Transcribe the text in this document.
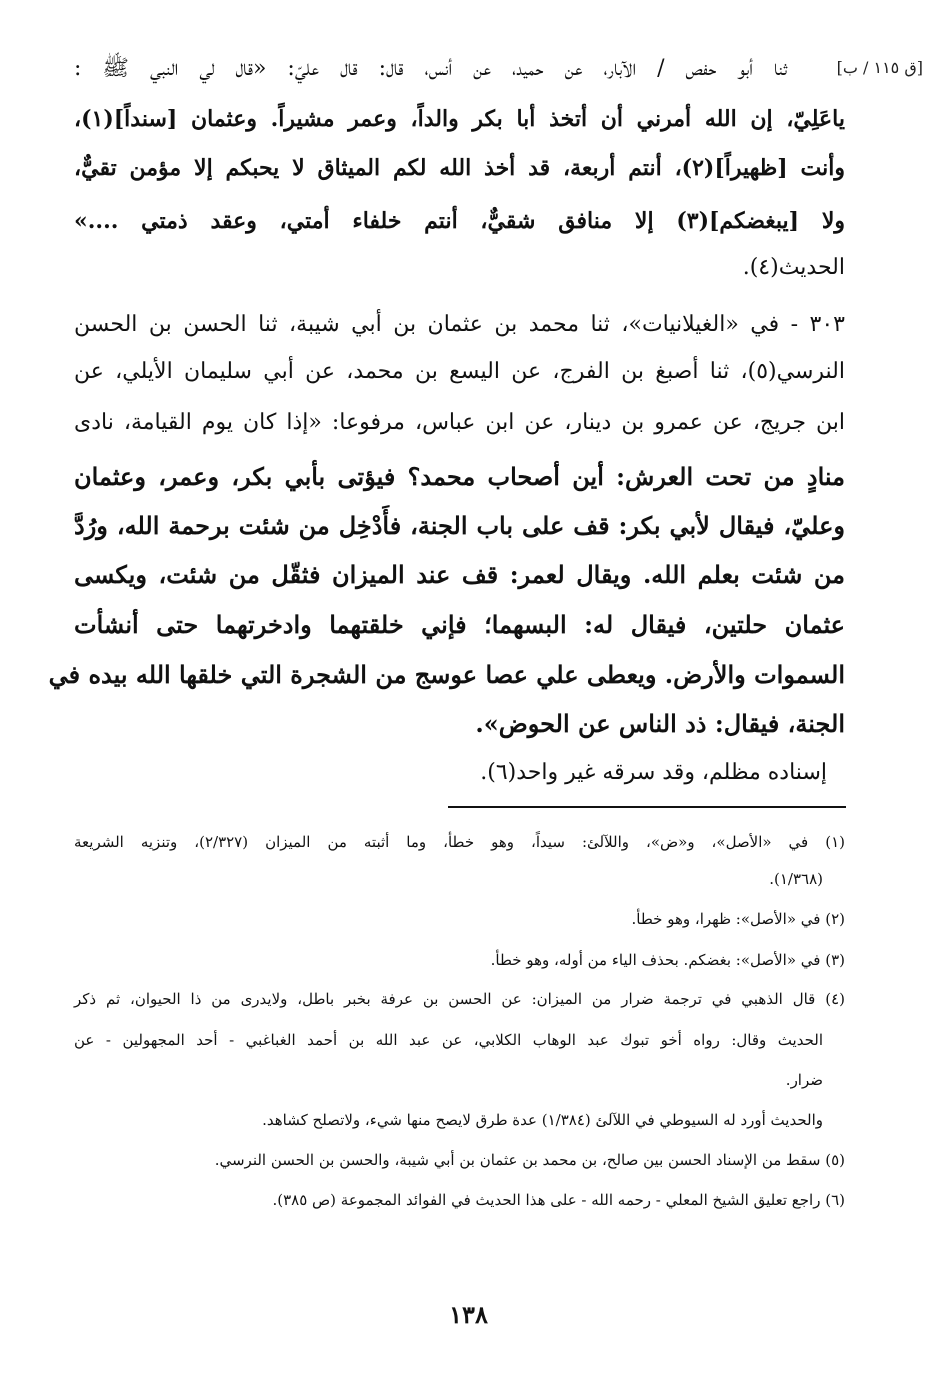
[ق ١١٥ / ب]
ثنا أبو حفص / الآبار، عن حميد، عن أنس، قال: قال عليّ: «قال لي النبي ﷺ :
ياعَلِيّ، إن الله أمرني أن أتخذ أبا بكر والداً، وعمر مشيراً. وعثمان [سنداً](١)،
وأنت [ظهيراً](٢)، أنتم أربعة، قد أخذ الله لكم الميثاق لا يحبكم إلا مؤمن تقيٌّ،
ولا [يبغضكم](٣) إلا منافق شقيٌّ، أنتم خلفاء أمتي، وعقد ذمتي ....»
الحديث(٤).
٣٠٣ - في «الغيلانيات»، ثنا محمد بن عثمان بن أبي شيبة، ثنا الحسن بن الحسن
النرسي(٥)، ثنا أصبغ بن الفرج، عن اليسع بن محمد، عن أبي سليمان الأيلي، عن
ابن جريج، عن عمرو بن دينار، عن ابن عباس، مرفوعا: «إذا كان يوم القيامة، نادى
منادٍ من تحت العرش: أين أصحاب محمد؟ فيؤتى بأبي بكر، وعمر، وعثمان
وعليّ، فيقال لأبي بكر: قف على باب الجنة، فأَدْخِل من شئت برحمة الله، ورُدَّ
من شئت بعلم الله. ويقال لعمر: قف عند الميزان فثقّل من شئت، ويكسى
عثمان حلتين، فيقال له: البسهما؛ فإني خلقتهما وادخرتهما حتى أنشأت
السموات والأرض. ويعطى علي عصا عوسج من الشجرة التي خلقها الله بيده في
الجنة، فيقال: ذد الناس عن الحوض».
إسناده مظلم، وقد سرقه غير واحد(٦).
(١) في «الأصل»، و«ض»، واللآلئ: سيداً، وهو خطأ، وما أثبته من الميزان (٢/٣٢٧)، وتنزيه الشريعة
(١/٣٦٨).
(٢) في «الأصل»: ظهرا، وهو خطأ.
(٣) في «الأصل»: بغضكم. بحذف الياء من أوله، وهو خطأ.
(٤) قال الذهبي في ترجمة ضرار من الميزان: عن الحسن بن عرفة بخبر باطل، ولايدرى من ذا الحيوان، ثم ذكر
الحديث وقال: رواه أخو تبوك عبد الوهاب الكلابي، عن عبد الله بن أحمد الغباغبي - أحد المجهولين - عن
ضرار.
والحديث أورد له السيوطي في اللآلئ (١/٣٨٤) عدة طرق لايصح منها شيء، ولاتصلح كشاهد.
(٥) سقط من الإسناد الحسن بين صالح، بن محمد بن عثمان بن أبي شيبة، والحسن بن الحسن النرسي.
(٦) راجع تعليق الشيخ المعلي - رحمه الله - على هذا الحديث في الفوائد المجموعة (ص ٣٨٥).
١٣٨
